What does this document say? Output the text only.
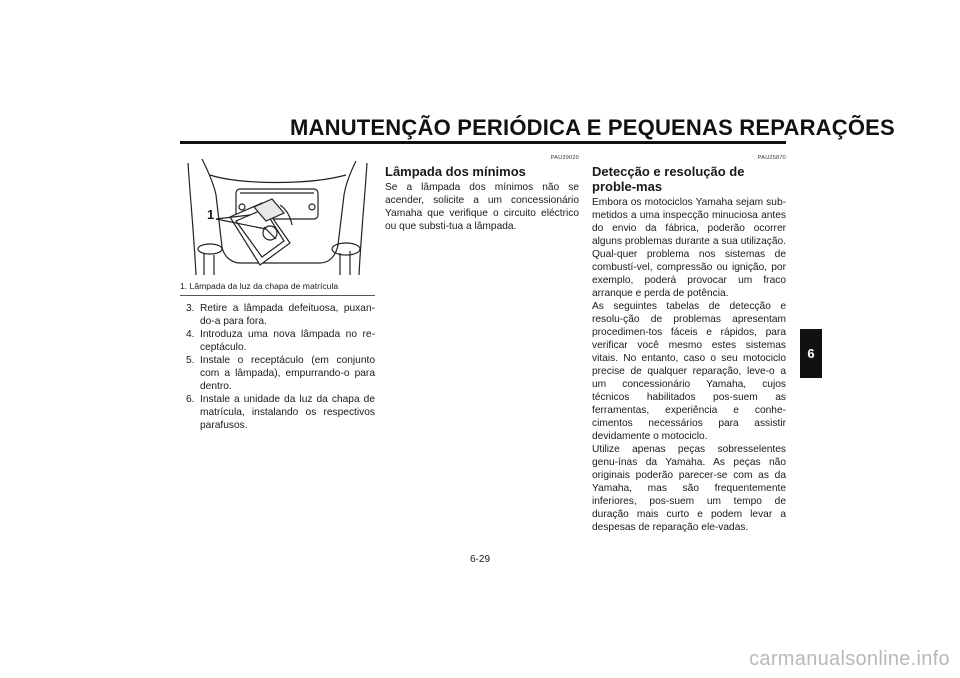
MANUTENÇÃO PERIÓDICA E PEQUENAS REPARAÇÕES
1
1. Lâmpada da luz da chapa de matrícula
3. Retire a lâmpada defeituosa, puxan-do-a para fora.
4. Introduza uma nova lâmpada no re-ceptáculo.
5. Instale o receptáculo (em conjunto com a lâmpada), empurrando-o para dentro.
6. Instale a unidade da luz da chapa de matrícula, instalando os respectivos parafusos.
PAU39020
Lâmpada dos mínimos

Se a lâmpada dos mínimos não se acender, solicite a um concessionário Yamaha que verifique o circuito eléctrico ou que substi-tua a lâmpada.

PAU25870
Detecção e resolução de proble-mas

Embora os motociclos Yamaha sejam sub-metidos a uma inspecção minuciosa antes do envio da fábrica, poderão ocorrer alguns problemas durante a sua utilização. Qual-quer problema nos sistemas de combustí-vel, compressão ou ignição, por exemplo, poderá provocar um fraco arranque e perda de potência.

As seguintes tabelas de detecção e resolu-ção de problemas apresentam procedimen-tos fáceis e rápidos, para verificar você mesmo estes sistemas vitais. No entanto, caso o seu motociclo precise de qualquer reparação, leve-o a um concessionário Yamaha, cujos técnicos habilitados pos-suem as ferramentas, experiência e conhe-cimentos necessários para assistir devidamente o motociclo.

Utilize apenas peças sobresselentes genu-ínas da Yamaha. As peças não originais poderão parecer-se com as da Yamaha, mas são frequentemente inferiores, pos-suem um tempo de duração mais curto e podem levar a despesas de reparação ele-vadas.

6
6-29
carmanualsonline.info
